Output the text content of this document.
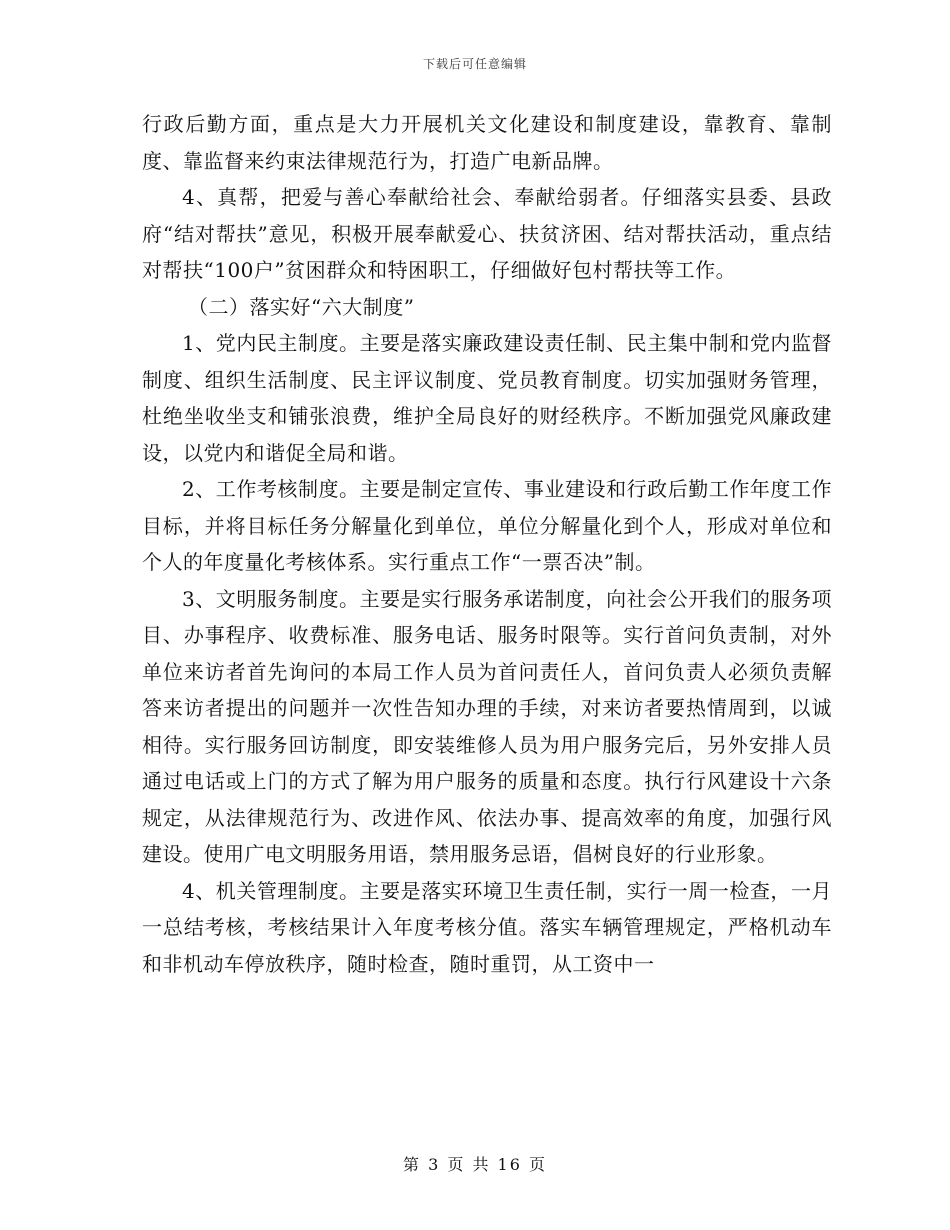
下载后可任意编辑

行政后勤方面，重点是大力开展机关文化建设和制度建设，靠教育、靠制度、靠监督来约束法律规范行为，打造广电新品牌。

4、真帮，把爱与善心奉献给社会、奉献给弱者。仔细落实县委、县政府“结对帮扶”意见，积极开展奉献爱心、扶贫济困、结对帮扶活动，重点结对帮扶“100户”贫困群众和特困职工，仔细做好包村帮扶等工作。

（二）落实好“六大制度”

1、党内民主制度。主要是落实廉政建设责任制、民主集中制和党内监督制度、组织生活制度、民主评议制度、党员教育制度。切实加强财务管理，杜绝坐收坐支和铺张浪费，维护全局良好的财经秩序。不断加强党风廉政建设，以党内和谐促全局和谐。

2、工作考核制度。主要是制定宣传、事业建设和行政后勤工作年度工作目标，并将目标任务分解量化到单位，单位分解量化到个人，形成对单位和个人的年度量化考核体系。实行重点工作“一票否决”制。

3、文明服务制度。主要是实行服务承诺制度，向社会公开我们的服务项目、办事程序、收费标准、服务电话、服务时限等。实行首问负责制，对外单位来访者首先询问的本局工作人员为首问责任人，首问负责人必须负责解答来访者提出的问题并一次性告知办理的手续，对来访者要热情周到，以诚相待。实行服务回访制度，即安装维修人员为用户服务完后，另外安排人员通过电话或上门的方式了解为用户服务的质量和态度。执行行风建设十六条规定，从法律规范行为、改进作风、依法办事、提高效率的角度，加强行风建设。使用广电文明服务用语，禁用服务忌语，倡树良好的行业形象。

4、机关管理制度。主要是落实环境卫生责任制，实行一周一检查，一月一总结考核，考核结果计入年度考核分值。落实车辆管理规定，严格机动车和非机动车停放秩序，随时检查，随时重罚，从工资中一

第 3 页 共 16 页
